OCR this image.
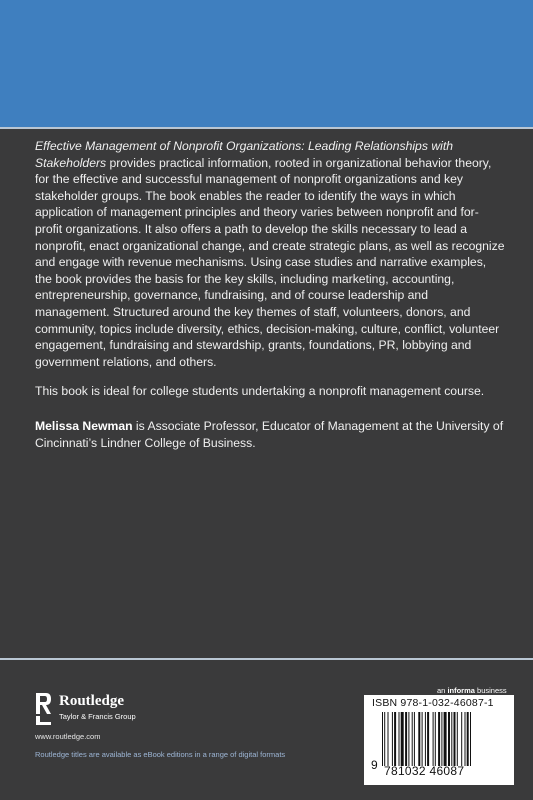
Effective Management of Nonprofit Organizations: Leading Relationships with Stakeholders provides practical information, rooted in organizational behavior theory, for the effective and successful management of nonprofit organizations and key stakeholder groups. The book enables the reader to identify the ways in which application of management principles and theory varies between nonprofit and for-profit organizations. It also offers a path to develop the skills necessary to lead a nonprofit, enact organizational change, and create strategic plans, as well as recognize and engage with revenue mechanisms. Using case studies and narrative examples, the book provides the basis for the key skills, including marketing, accounting, entrepreneurship, governance, fundraising, and of course leadership and management. Structured around the key themes of staff, volunteers, donors, and community, topics include diversity, ethics, decision-making, culture, conflict, volunteer engagement, fundraising and stewardship, grants, foundations, PR, lobbying and government relations, and others.

This book is ideal for college students undertaking a nonprofit management course.

Melissa Newman is Associate Professor, Educator of Management at the University of Cincinnati’s Lindner College of Business.

Routledge
Taylor & Francis Group
www.routledge.com
Routledge titles are available as eBook editions in a range of digital formats
an informa business
ISBN 978-1-032-46087-1
9 781032 46087
